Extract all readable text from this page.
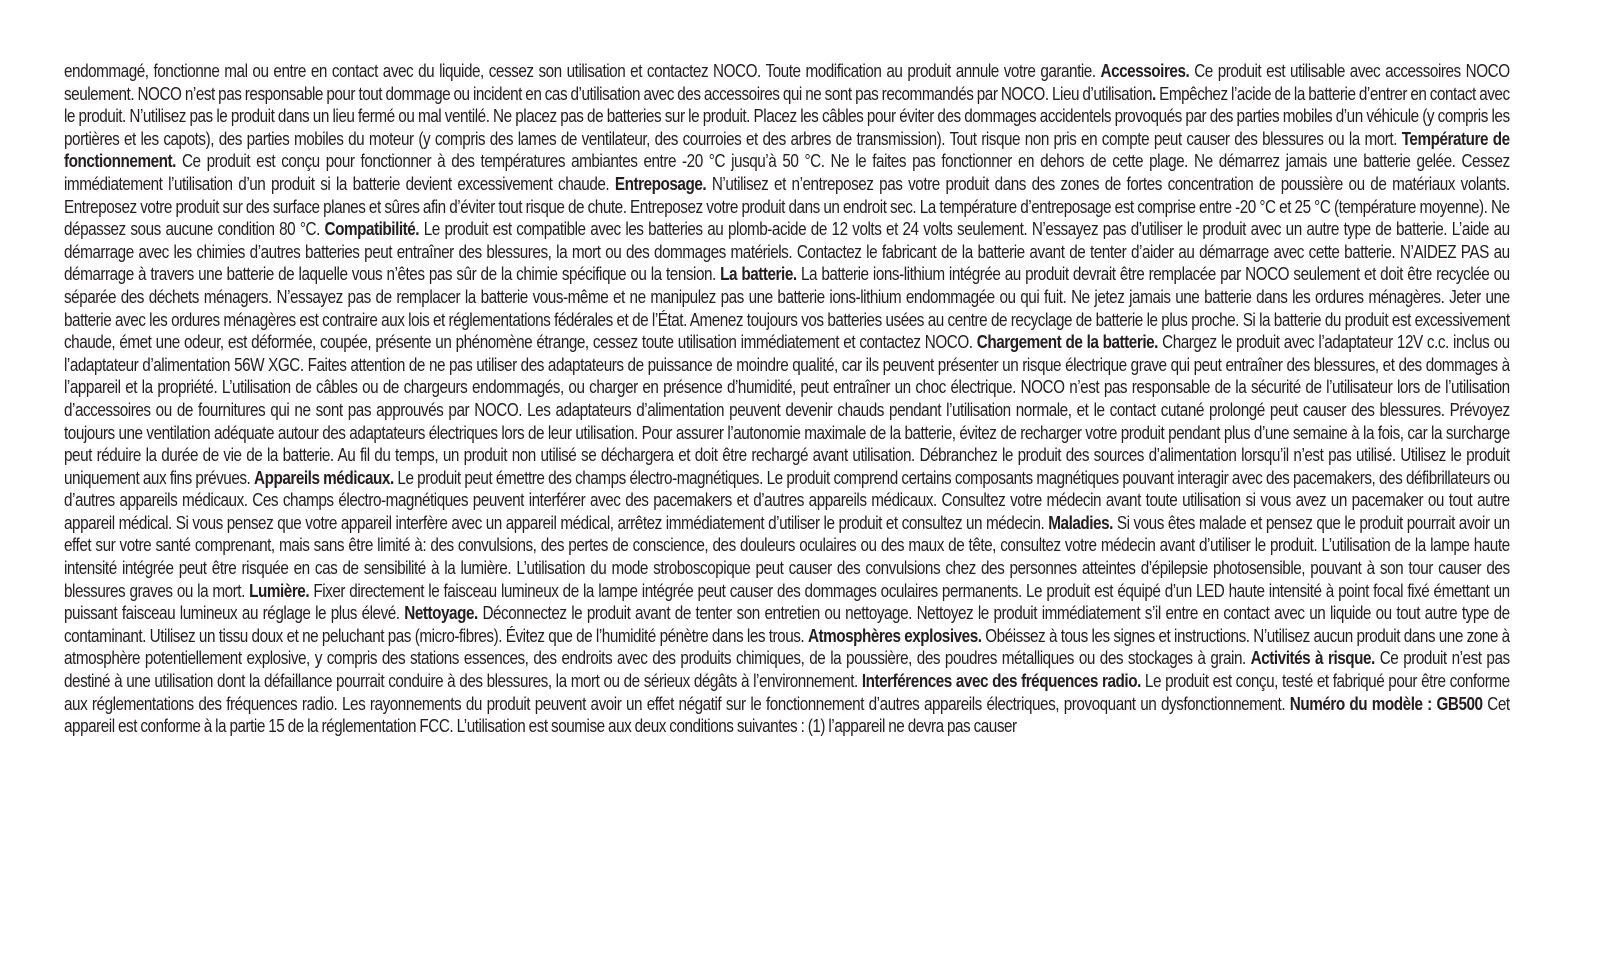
endommagé, fonctionne mal ou entre en contact avec du liquide, cessez son utilisation et contactez NOCO. Toute modification au produit annule votre garantie. Accessoires. Ce produit est utilisable avec accessoires NOCO seulement. NOCO n’est pas responsable pour tout dommage ou incident en cas d’utilisation avec des accessoires qui ne sont pas recommandés par NOCO. Lieu d’utilisation. Empêchez l’acide de la batterie d’entrer en contact avec le produit. N’utilisez pas le produit dans un lieu fermé ou mal ventilé. Ne placez pas de batteries sur le produit. Placez les câbles pour éviter des dommages accidentels provoqués par des parties mobiles d’un véhicule (y compris les portières et les capots), des parties mobiles du moteur (y compris des lames de ventilateur, des courroies et des arbres de transmission). Tout risque non pris en compte peut causer des blessures ou la mort. Température de fonctionnement. Ce produit est conçu pour fonctionner à des températures ambiantes entre -20 °C jusqu’à 50 °C. Ne le faites pas fonctionner en dehors de cette plage. Ne démarrez jamais une batterie gelée. Cessez immédiatement l’utilisation d’un produit si la batterie devient excessivement chaude. Entreposage. N’utilisez et n’entreposez pas votre produit dans des zones de fortes concentration de poussière ou de matériaux volants. Entreposez votre produit sur des surface planes et sûres afin d’éviter tout risque de chute. Entreposez votre produit dans un endroit sec. La température d’entreposage est comprise entre -20 °C et 25 °C (température moyenne). Ne dépassez sous aucune condition 80 °C. Compatibilité. Le produit est compatible avec les batteries au plomb-acide de 12 volts et 24 volts seulement. N’essayez pas d’utiliser le produit avec un autre type de batterie. L’aide au démarrage avec les chimies d’autres batteries peut entraîner des blessures, la mort ou des dommages matériels. Contactez le fabricant de la batterie avant de tenter d’aider au démarrage avec cette batterie. N’AIDEZ PAS au démarrage à travers une batterie de laquelle vous n’êtes pas sûr de la chimie spécifique ou la tension. La batterie. La batterie ions-lithium intégrée au produit devrait être remplacée par NOCO seulement et doit être recyclée ou séparée des déchets ménagers. N’essayez pas de remplacer la batterie vous-même et ne manipulez pas une batterie ions-lithium endommagée ou qui fuit. Ne jetez jamais une batterie dans les ordures ménagères. Jeter une batterie avec les ordures ménagères est contraire aux lois et réglementations fédérales et de l’État. Amenez toujours vos batteries usées au centre de recyclage de batterie le plus proche. Si la batterie du produit est excessivement chaude, émet une odeur, est déformée, coupée, présente un phénomène étrange, cessez toute utilisation immédiatement et contactez NOCO. Chargement de la batterie. Chargez le produit avec l’adaptateur 12V c.c. inclus ou l’adaptateur d’alimentation 56W XGC. Faites attention de ne pas utiliser des adaptateurs de puissance de moindre qualité, car ils peuvent présenter un risque électrique grave qui peut entraîner des blessures, et des dommages à l’appareil et la propriété. L’utilisation de câbles ou de chargeurs endommagés, ou charger en présence d’humidité, peut entraîner un choc électrique. NOCO n’est pas responsable de la sécurité de l’utilisateur lors de l’utilisation d’accessoires ou de fournitures qui ne sont pas approuvés par NOCO. Les adaptateurs d’alimentation peuvent devenir chauds pendant l’utilisation normale, et le contact cutané prolongé peut causer des blessures. Prévoyez toujours une ventilation adéquate autour des adaptateurs électriques lors de leur utilisation. Pour assurer l’autonomie maximale de la batterie, évitez de recharger votre produit pendant plus d’une semaine à la fois, car la surcharge peut réduire la durée de vie de la batterie. Au fil du temps, un produit non utilisé se déchargera et doit être rechargé avant utilisation. Débranchez le produit des sources d’alimentation lorsqu’il n’est pas utilisé. Utilisez le produit uniquement aux fins prévues. Appareils médicaux. Le produit peut émettre des champs électro-magnétiques. Le produit comprend certains composants magnétiques pouvant interagir avec des pacemakers, des défibrillateurs ou d’autres appareils médicaux. Ces champs électro-magnétiques peuvent interférer avec des pacemakers et d’autres appareils médicaux. Consultez votre médecin avant toute utilisation si vous avez un pacemaker ou tout autre appareil médical. Si vous pensez que votre appareil interfère avec un appareil médical, arrêtez immédiatement d’utiliser le produit et consultez un médecin. Maladies. Si vous êtes malade et pensez que le produit pourrait avoir un effet sur votre santé comprenant, mais sans être limité à: des convulsions, des pertes de conscience, des douleurs oculaires ou des maux de tête, consultez votre médecin avant d’utiliser le produit. L’utilisation de la lampe haute intensité intégrée peut être risquée en cas de sensibilité à la lumière. L’utilisation du mode stroboscopique peut causer des convulsions chez des personnes atteintes d’épilepsie photosensible, pouvant à son tour causer des blessures graves ou la mort. Lumière. Fixer directement le faisceau lumineux de la lampe intégrée peut causer des dommages oculaires permanents. Le produit est équipé d’un LED haute intensité à point focal fixé émettant un puissant faisceau lumineux au réglage le plus élevé. Nettoyage. Déconnectez le produit avant de tenter son entretien ou nettoyage. Nettoyez le produit immédiatement s’il entre en contact avec un liquide ou tout autre type de contaminant. Utilisez un tissu doux et ne peluchant pas (micro-fibres). Évitez que de l’humidité pénètre dans les trous. Atmosphères explosives. Obéissez à tous les signes et instructions. N’utilisez aucun produit dans une zone à atmosphère potentiellement explosive, y compris des stations essences, des endroits avec des produits chimiques, de la poussière, des poudres métalliques ou des stockages à grain. Activités à risque. Ce produit n’est pas destiné à une utilisation dont la défaillance pourrait conduire à des blessures, la mort ou de sérieux dégâts à l’environnement. Interférences avec des fréquences radio. Le produit est conçu, testé et fabriqué pour être conforme aux réglementations des fréquences radio. Les rayonnements du produit peuvent avoir un effet négatif sur le fonctionnement d’autres appareils électriques, provoquant un dysfonctionnement. Numéro du modèle : GB500 Cet appareil est conforme à la partie 15 de la réglementation FCC. L’utilisation est soumise aux deux conditions suivantes : (1) l’appareil ne devra pas causer
